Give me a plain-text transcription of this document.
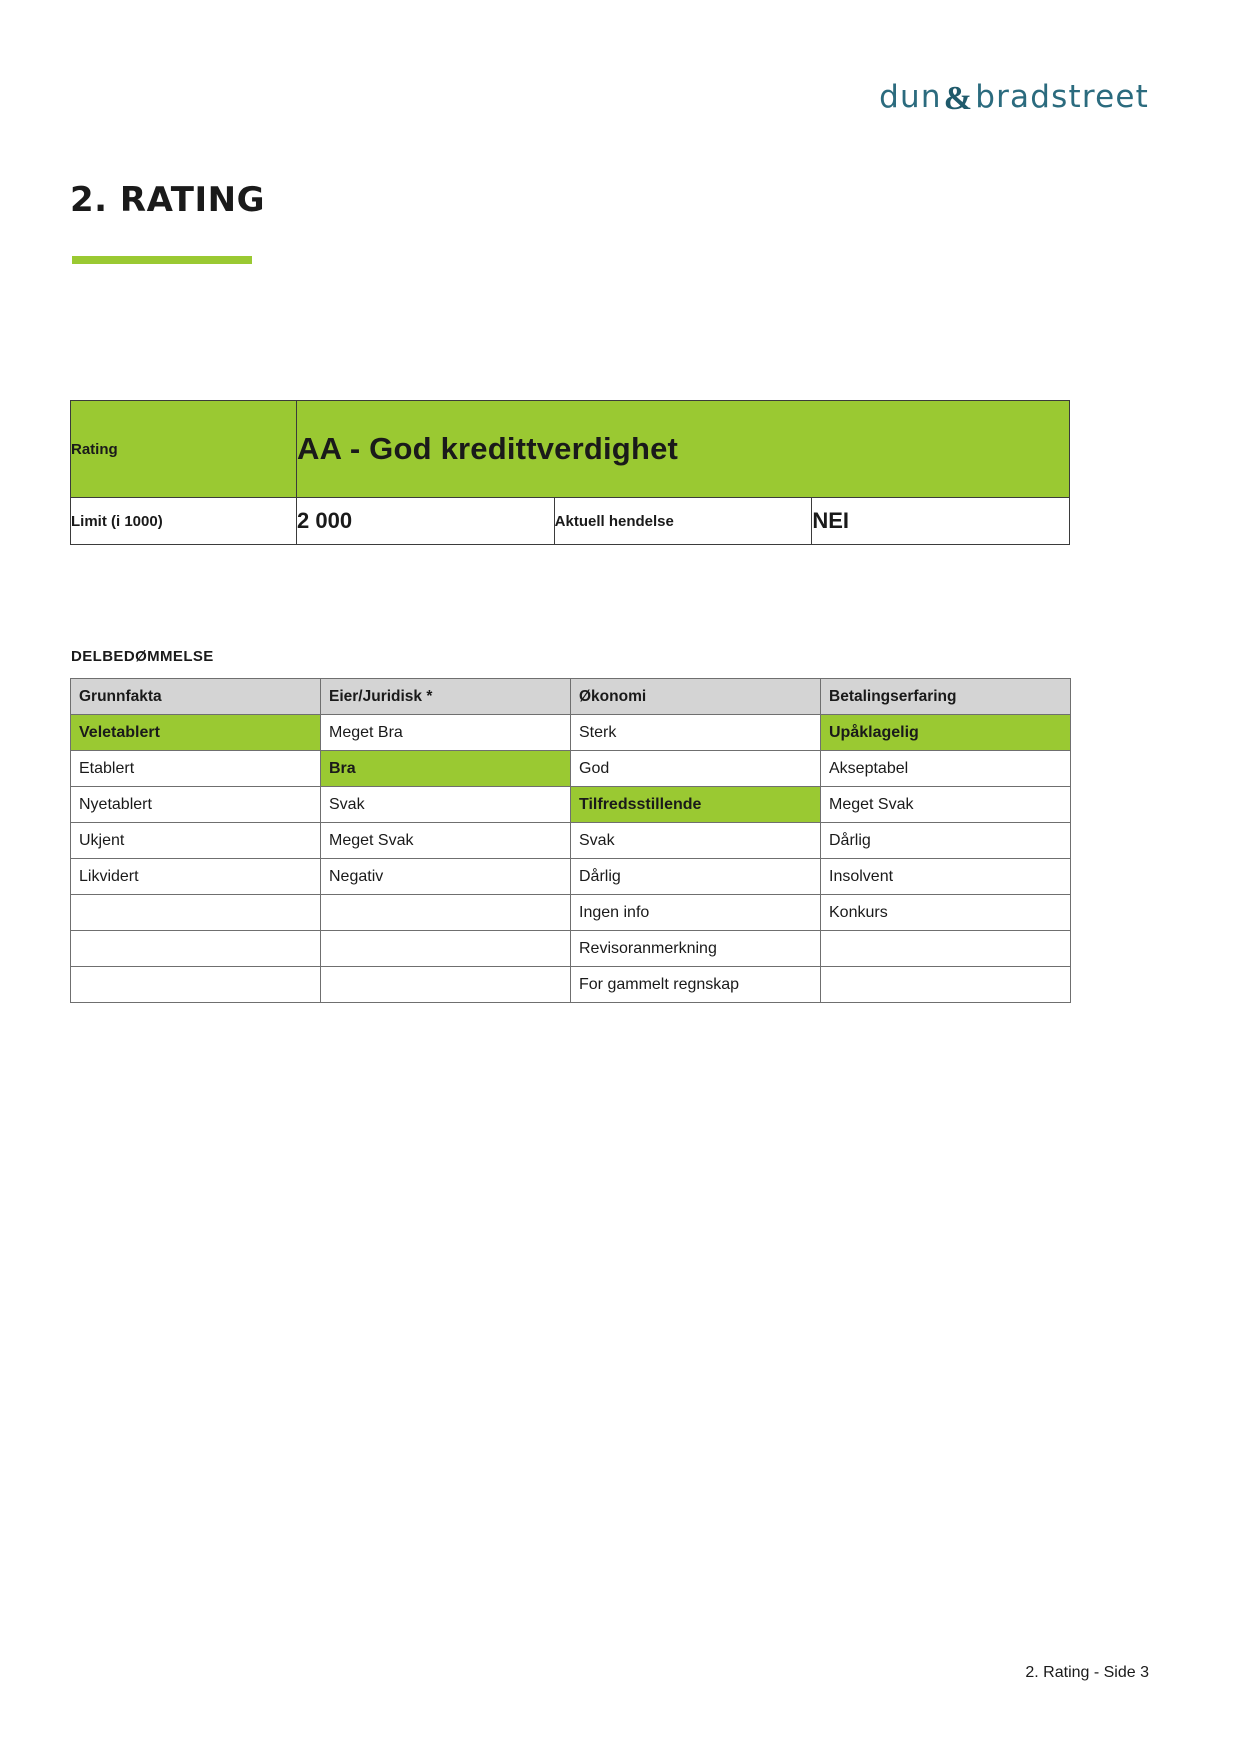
dun & bradstreet
2. RATING
Rating	AA - God kredittverdighet		
Limit (i 1000)	2 000	Aktuell hendelse	NEI
DELBEDØMMELSE
Grunnfakta	Eier/Juridisk *	Økonomi	Betalingserfaring
Veletablert	Meget Bra	Sterk	Upåklagelig
Etablert	Bra	God	Akseptabel
Nyetablert	Svak	Tilfredsstillende	Meget Svak
Ukjent	Meget Svak	Svak	Dårlig
Likvidert	Negativ	Dårlig	Insolvent
		Ingen info	Konkurs
		Revisoranmerkning	
		For gammelt regnskap	
2. Rating - Side 3
